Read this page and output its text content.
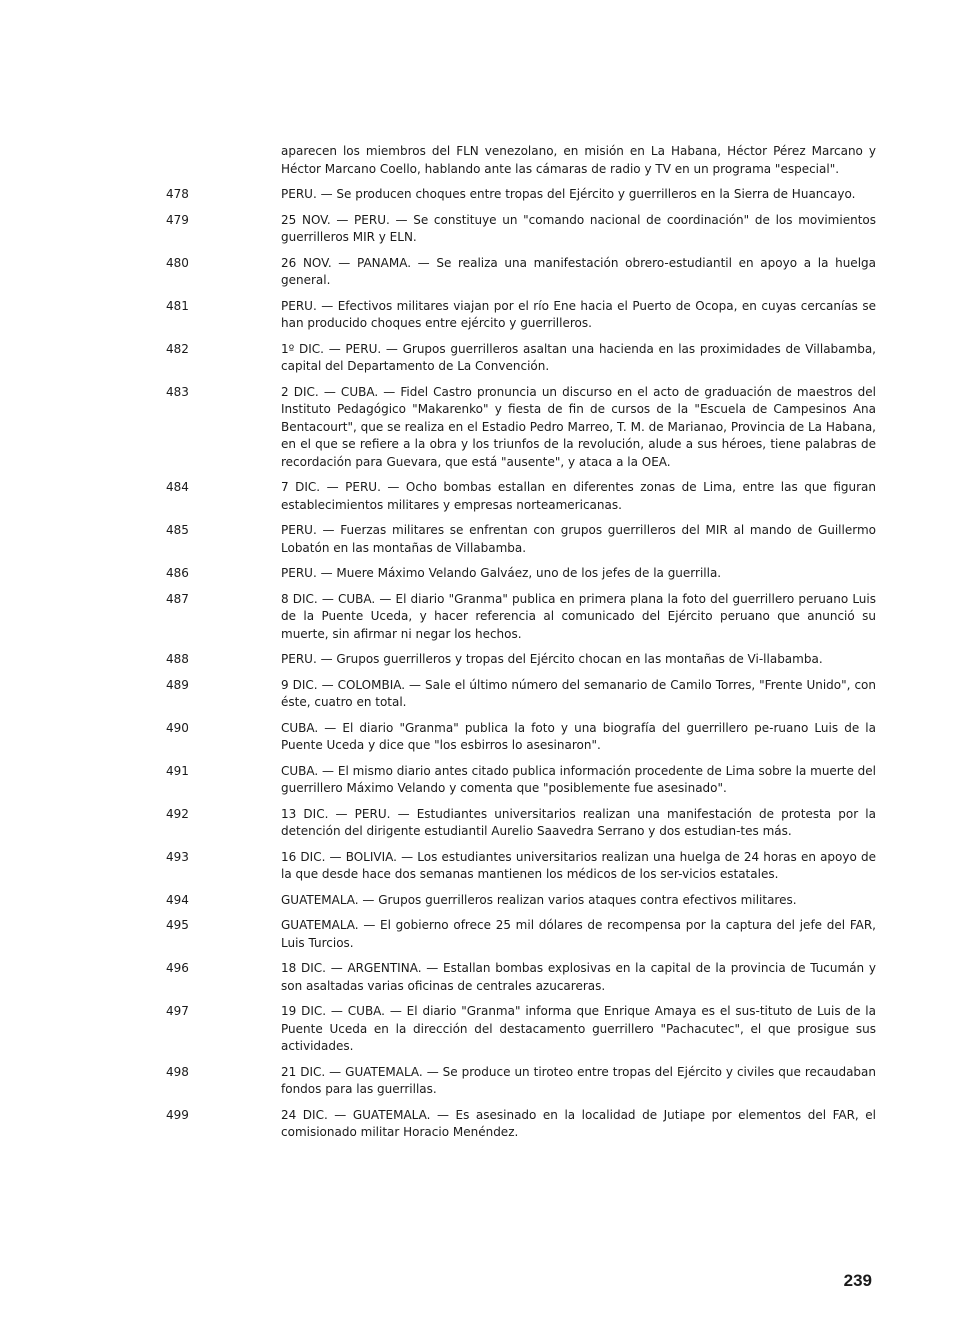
aparecen los miembros del FLN venezolano, en misión en La Habana, Héctor Pérez Marcano y Héctor Marcano Coello, hablando ante las cámaras de radio y TV en un programa "especial".
478	PERU. — Se producen choques entre tropas del Ejército y guerrilleros en la Sierra de Huancayo.
479	25 NOV. — PERU. — Se constituye un "comando nacional de coordinación" de los movimientos guerrilleros MIR y ELN.
480	26 NOV. — PANAMA. — Se realiza una manifestación obrero-estudiantil en apoyo a la huelga general.
481	PERU. — Efectivos militares viajan por el río Ene hacia el Puerto de Ocopa, en cuyas cercanías se han producido choques entre ejército y guerrilleros.
482	1º DIC. — PERU. — Grupos guerrilleros asaltan una hacienda en las proximidades de Villabamba, capital del Departamento de La Convención.
483	2 DIC. — CUBA. — Fidel Castro pronuncia un discurso en el acto de graduación de maestros del Instituto Pedagógico "Makarenko" y fiesta de fin de cursos de la "Escuela de Campesinos Ana Bentacourt", que se realiza en el Estadio Pedro Marreo, T. M. de Marianao, Provincia de La Habana, en el que se refiere a la obra y los triunfos de la revolución, alude a sus héroes, tiene palabras de recordación para Guevara, que está "ausente", y ataca a la OEA.
484	7 DIC. — PERU. — Ocho bombas estallan en diferentes zonas de Lima, entre las que figuran establecimientos militares y empresas norteamericanas.
485	PERU. — Fuerzas militares se enfrentan con grupos guerrilleros del MIR al mando de Guillermo Lobatón en las montañas de Villabamba.
486	PERU. — Muere Máximo Velando Galváez, uno de los jefes de la guerrilla.
487	8 DIC. — CUBA. — El diario "Granma" publica en primera plana la foto del guerrillero peruano Luis de la Puente Uceda, y hacer referencia al comunicado del Ejército peruano que anunció su muerte, sin afirmar ni negar los hechos.
488	PERU. — Grupos guerrilleros y tropas del Ejército chocan en las montañas de Vi-llabamba.
489	9 DIC. — COLOMBIA. — Sale el último número del semanario de Camilo Torres, "Frente Unido", con éste, cuatro en total.
490	CUBA. — El diario "Granma" publica la foto y una biografía del guerrillero pe-ruano Luis de la Puente Uceda y dice que "los esbirros lo asesinaron".
491	CUBA. — El mismo diario antes citado publica información procedente de Lima sobre la muerte del guerrillero Máximo Velando y comenta que "posiblemente fue asesinado".
492	13 DIC. — PERU. — Estudiantes universitarios realizan una manifestación de protesta por la detención del dirigente estudiantil Aurelio Saavedra Serrano y dos estudian-tes más.
493	16 DIC. — BOLIVIA. — Los estudiantes universitarios realizan una huelga de 24 horas en apoyo de la que desde hace dos semanas mantienen los médicos de los ser-vicios estatales.
494	GUATEMALA. — Grupos guerrilleros realizan varios ataques contra efectivos militares.
495	GUATEMALA. — El gobierno ofrece 25 mil dólares de recompensa por la captura del jefe del FAR, Luis Turcios.
496	18 DIC. — ARGENTINA. — Estallan bombas explosivas en la capital de la provincia de Tucumán y son asaltadas varias oficinas de centrales azucareras.
497	19 DIC. — CUBA. — El diario "Granma" informa que Enrique Amaya es el sus-tituto de Luis de la Puente Uceda en la dirección del destacamento guerrillero "Pachacutec", el que prosigue sus actividades.
498	21 DIC. — GUATEMALA. — Se produce un tiroteo entre tropas del Ejército y civiles que recaudaban fondos para las guerrillas.
499	24 DIC. — GUATEMALA. — Es asesinado en la localidad de Jutiape por elementos del FAR, el comisionado militar Horacio Menéndez.
239
